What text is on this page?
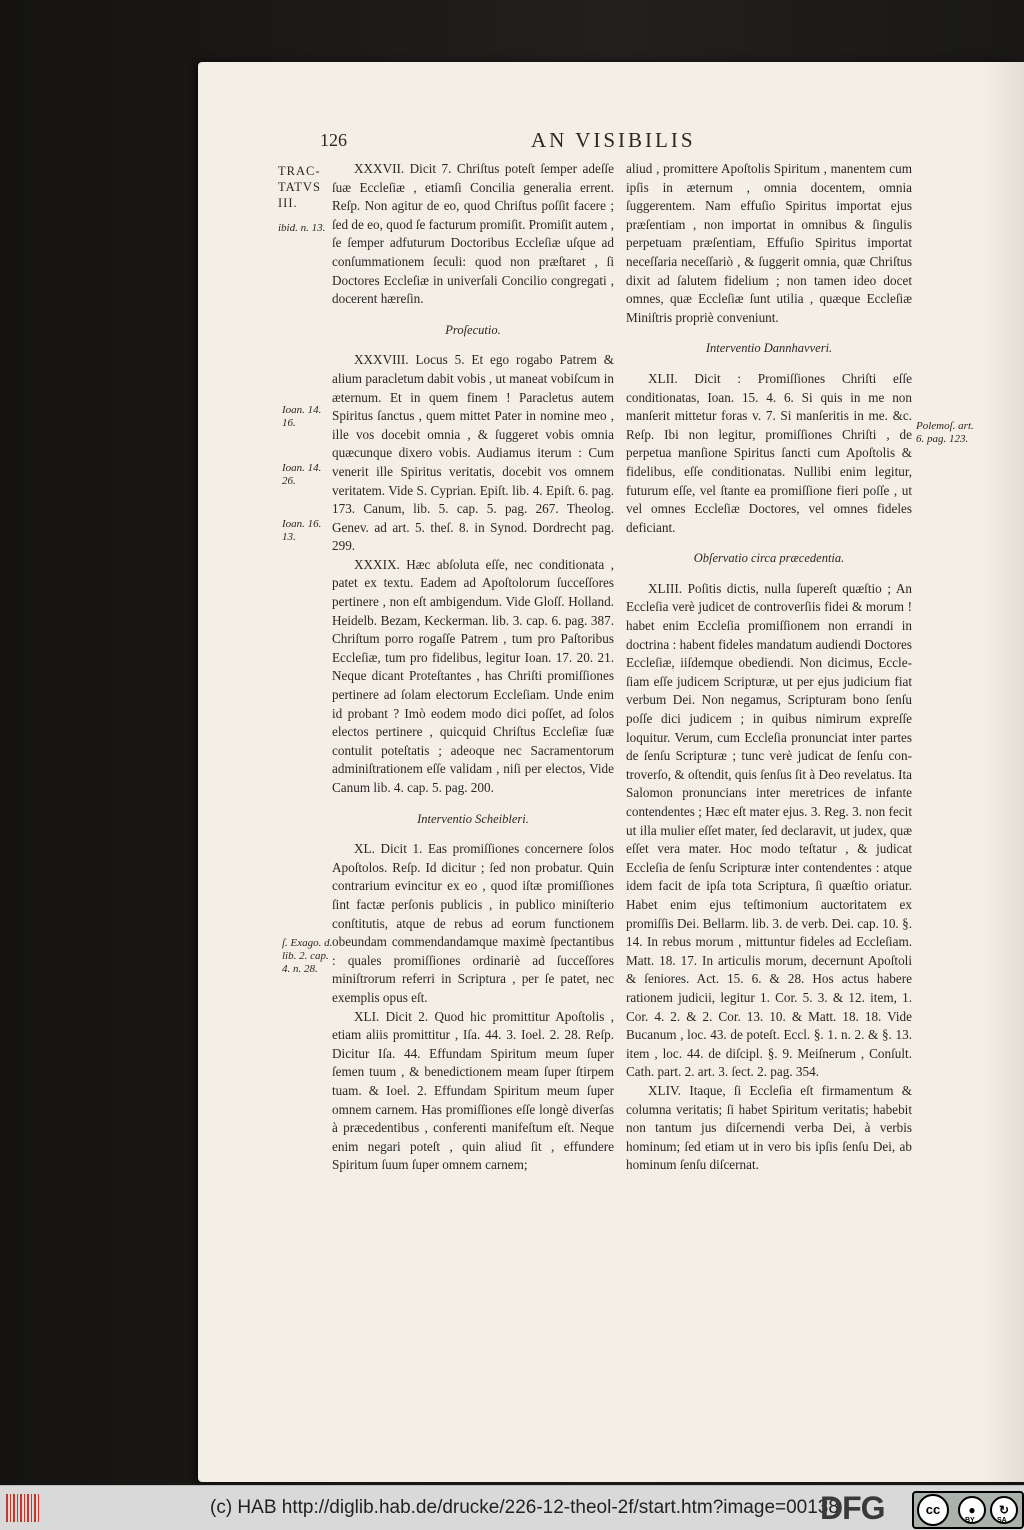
126	AN VISIBILIS
TRAC-
TATVS
III.
ibid. n. 13.
Ioan. 14. 16.
Ioan. 14. 26.
Ioan. 16. 13.
ſ. Exago. d. lib. 2. cap. 4. n. 28.
Polemoſ. art. 6. pag. 123.

XXXVII. Dicit 7. Chriſtus poteſt ſemper adeſſe ſuæ Eccleſiæ , etiamſi Concilia generalia errent. Reſp. Non agitur de eo, quod Chriſtus poſſit facere ; ſed de eo, quod ſe facturum promiſit. Promiſit autem , ſe ſemper adfuturum Doctoribus Eccleſiæ uſque ad conſummationem ſeculi: quod non præſtaret , ſi Doctores Eccleſiæ in univerſali Concilio congregati , docerent hæreſin.

Proſecutio.

XXXVIII. Locus 5. Et ego rogabo Patrem & alium paracletum dabit vobis , ut maneat vobiſcum in æternum. Et in quem finem ! Paracletus autem Spiritus ſanctus , quem mittet Pater in nomine meo , ille vos docebit omnia , & ſuggeret vobis omnia quæcunque dixero vobis. Audiamus iterum : Cum venerit ille Spiritus veritatis, docebit vos omnem veritatem. Vide S. Cyprian. Epiſt. lib. 4. Epiſt. 6. pag. 173. Canum, lib. 5. cap. 5. pag. 267. Theolog. Genev. ad art. 5. theſ. 8. in Synod. Dordrecht pag. 299.

XXXIX. Hæc abſoluta eſſe, nec conditionata , patet ex textu. Eadem ad Apoſtolorum ſucceſſores pertinere , non eſt ambigendum. Vide Gloſſ. Holland. Heidelb. Bezam, Keckerman. lib. 3. cap. 6. pag. 387. Chriſtum porro rogaſſe Patrem , tum pro Paſtoribus Eccleſiæ, tum pro fidelibus, legitur Ioan. 17. 20. 21. Neque dicant Proteſtantes , has Chriſti promiſſiones pertinere ad ſolam electorum Eccleſiam. Unde enim id probant ? Imò eodem modo dici poſſet, ad ſolos electos pertinere , quicquid Chriſtus Eccleſiæ ſuæ contulit poteſtatis ; adeoque nec Sacramentorum adminiſtrationem eſſe validam , niſi per electos, Vide Canum lib. 4. cap. 5. pag. 200.

Interventio Scheibleri.

XL. Dicit 1. Eas promiſſiones concernere ſolos Apoſtolos. Reſp. Id dicitur ; ſed non probatur. Quin contrarium evincitur ex eo , quod iſtæ promiſſiones ſint factæ perſonis publicis , in publico miniſterio conſtitutis, atque de rebus ad eorum functionem obeundam commendandamque maximè ſpectantibus : quales promiſſiones ordinariè ad ſucceſſores miniſtrorum referri in Scriptura , per ſe patet, nec exemplis opus eſt.

XLI. Dicit 2. Quod hic promittitur Apoſtolis , etiam aliis promittitur , Iſa. 44. 3. Ioel. 2. 28. Reſp. Dicitur Iſa. 44. Effundam Spiritum meum ſuper ſemen tuum , & benedictionem meam ſuper ſtirpem tuam. & Ioel. 2. Effundam Spiritum meum ſuper omnem carnem. Has promiſſiones eſſe longè diverſas à præcedentibus , conferenti manifeſtum eſt. Neque enim negari poteſt , quin aliud ſit , effundere Spiritum ſuum ſuper omnem carnem;

aliud , promittere Apoſtolis Spiritum , manentem cum ipſis in æternum , omnia docentem, omnia ſuggerentem. Nam effuſio Spiritus importat ejus præſentiam , non importat in omnibus & ſingulis perpetuam præſentiam, Effuſio Spiritus importat neceſſaria neceſſariò , & ſuggerit omnia, quæ Chriſtus dixit ad ſalutem fidelium ; non tamen ideo docet omnes, quæ Eccleſiæ ſunt utilia , quæque Eccleſiæ Miniſtris propriè conveniunt.

Interventio Dannhavveri.

XLII. Dicit : Promiſſiones Chriſti eſſe conditionatas, Ioan. 15. 4. 6. Si quis in me non manſerit mittetur foras v. 7. Si manſeritis in me. &c. Reſp. Ibi non legitur, promiſſiones Chriſti , de perpetua manſione Spiritus ſancti cum Apoſtolis & fidelibus, eſſe conditionatas. Nullibi enim legitur, futurum eſſe, vel ſtante ea promiſſione fieri poſſe , ut vel omnes Eccleſiæ Doctores, vel omnes fideles deficiant.

Obſervatio circa præcedentia.

XLIII. Poſitis dictis, nulla ſupereſt quæſtio ; An Eccleſia verè judicet de controverſiis fidei & morum ! habet enim Eccleſia promiſſionem non errandi in doctrina : habent fideles mandatum audiendi Doctores Eccleſiæ, iiſdemque obediendi. Non dicimus, Eccleſiam eſſe judicem Scripturæ, ut per ejus judicium fiat verbum Dei. Non negamus, Scripturam bono ſenſu poſſe dici judicem ; in quibus nimirum expreſſe loquitur. Verum, cum Eccleſia pronunciat inter partes de ſenſu Scripturæ ; tunc verè judicat de ſenſu controverſo, & oſtendit, quis ſenſus ſit à Deo revelatus. Ita Salomon pronuncians inter meretrices de infante contendentes ; Hæc eſt mater ejus. 3. Reg. 3. non fecit ut illa mulier eſſet mater, ſed declaravit, ut judex, quæ eſſet vera mater. Hoc modo teſtatur , & judicat Eccleſia de ſenſu Scripturæ inter contendentes : atque idem facit de ipſa tota Scriptura, ſi quæſtio oriatur. Habet enim ejus teſtimonium auctoritatem ex promiſſis Dei. Bellarm. lib. 3. de verb. Dei. cap. 10. §. 14. In rebus morum , mittuntur fideles ad Eccleſiam. Matt. 18. 17. In articulis morum, decernunt Apoſtoli & ſeniores. Act. 15. 6. & 28. Hos actus habere rationem judicii, legitur 1. Cor. 5. 3. & 12. item, 1. Cor. 4. 2. & 2. Cor. 13. 10. & Matt. 18. 18. Vide Bucanum , loc. 43. de poteſt. Eccl. §. 1. n. 2. & §. 13. item , loc. 44. de diſcipl. §. 9. Meiſnerum , Conſult. Cath. part. 2. art. 3. ſect. 2. pag. 354.

XLIV. Itaque, ſi Eccleſia eſt firmamentum & columna veritatis; ſi habet Spiritum veritatis; habebit non tantum jus diſcernendi verba Dei, à verbis hominum; ſed etiam ut in vero bis ipſis ſenſu Dei, ab hominum ſenſu diſcernat.

(c) HAB http://diglib.hab.de/drucke/226-12-theol-2f/start.htm?image=00138
DFG	cc	●	↻
BY	SA
